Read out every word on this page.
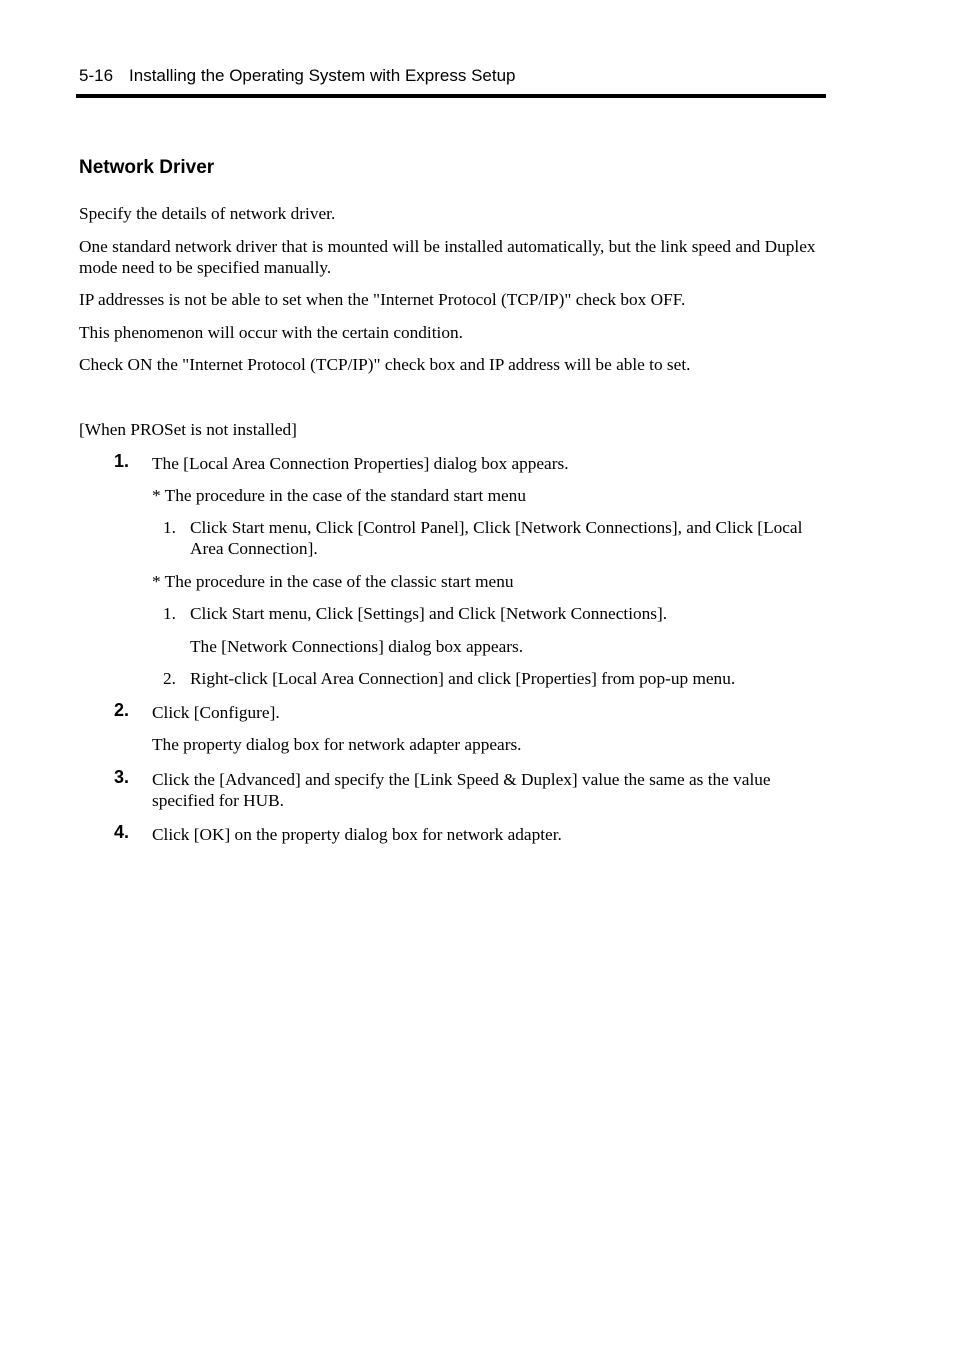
5-16 Installing the Operating System with Express Setup
Network Driver
Specify the details of network driver.
One standard network driver that is mounted will be installed automatically, but the link speed and Duplex mode need to be specified manually.
IP addresses is not be able to set when the "Internet Protocol (TCP/IP)" check box OFF.
This phenomenon will occur with the certain condition.
Check ON the "Internet Protocol (TCP/IP)" check box and IP address will be able to set.
[When PROSet is not installed]
1. The [Local Area Connection Properties] dialog box appears.
* The procedure in the case of the standard start menu
1. Click Start menu, Click [Control Panel], Click [Network Connections], and Click [Local Area Connection].
* The procedure in the case of the classic start menu
1. Click Start menu, Click [Settings] and Click [Network Connections].
The [Network Connections] dialog box appears.
2. Right-click [Local Area Connection] and click [Properties] from pop-up menu.
2. Click [Configure].
The property dialog box for network adapter appears.
3. Click the [Advanced] and specify the [Link Speed & Duplex] value the same as the value specified for HUB.
4. Click [OK] on the property dialog box for network adapter.
